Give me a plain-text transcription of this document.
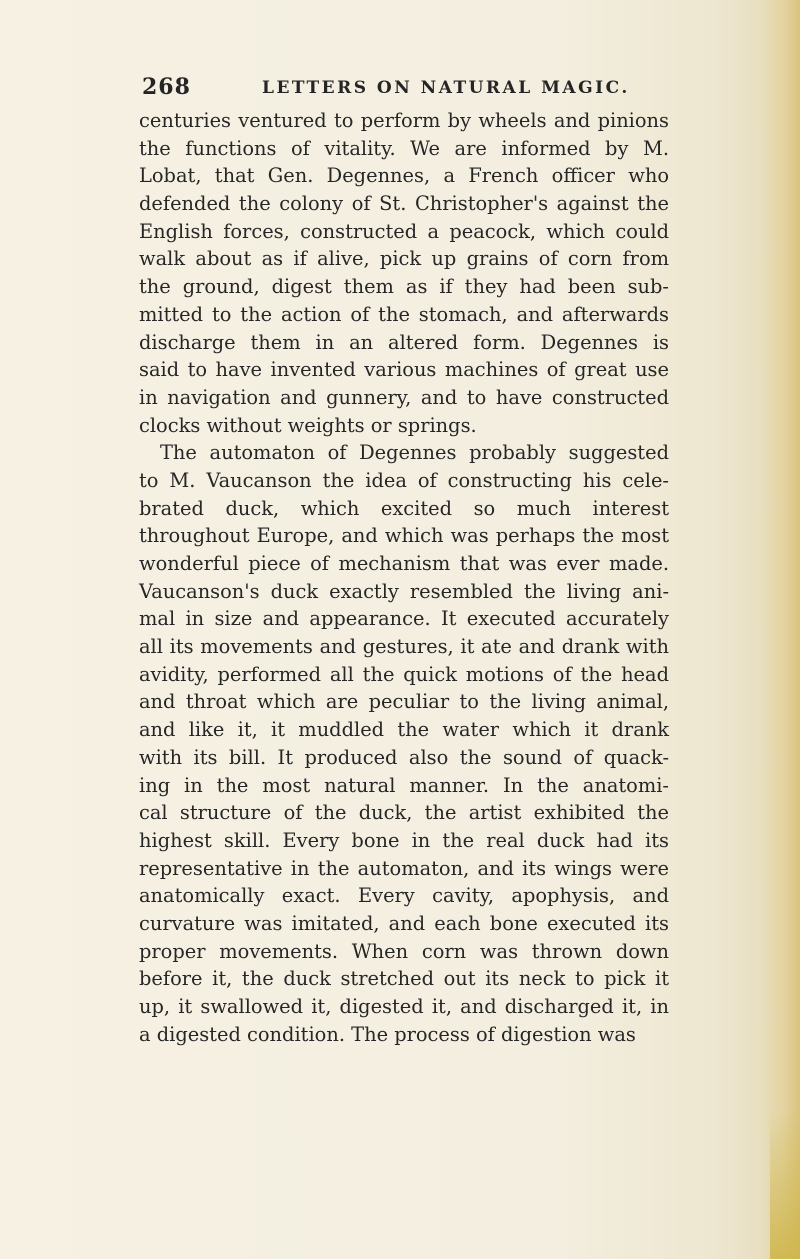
268	LETTERS ON NATURAL MAGIC.
centuries ventured to perform by wheels and pinions
the functions of vitality. We are informed by M.
Lobat, that Gen. Degennes, a French officer who
defended the colony of St. Christopher's against the
English forces, constructed a peacock, which could
walk about as if alive, pick up grains of corn from
the ground, digest them as if they had been sub-
mitted to the action of the stomach, and afterwards
discharge them in an altered form. Degennes is
said to have invented various machines of great use
in navigation and gunnery, and to have constructed
clocks without weights or springs.
The automaton of Degennes probably suggested
to M. Vaucanson the idea of constructing his cele-
brated duck, which excited so much interest
throughout Europe, and which was perhaps the most
wonderful piece of mechanism that was ever made.
Vaucanson's duck exactly resembled the living ani-
mal in size and appearance. It executed accurately
all its movements and gestures, it ate and drank with
avidity, performed all the quick motions of the head
and throat which are peculiar to the living animal,
and like it, it muddled the water which it drank
with its bill. It produced also the sound of quack-
ing in the most natural manner. In the anatomi-
cal structure of the duck, the artist exhibited the
highest skill. Every bone in the real duck had its
representative in the automaton, and its wings were
anatomically exact. Every cavity, apophysis, and
curvature was imitated, and each bone executed its
proper movements. When corn was thrown down
before it, the duck stretched out its neck to pick it
up, it swallowed it, digested it, and discharged it, in
a digested condition. The process of digestion was
